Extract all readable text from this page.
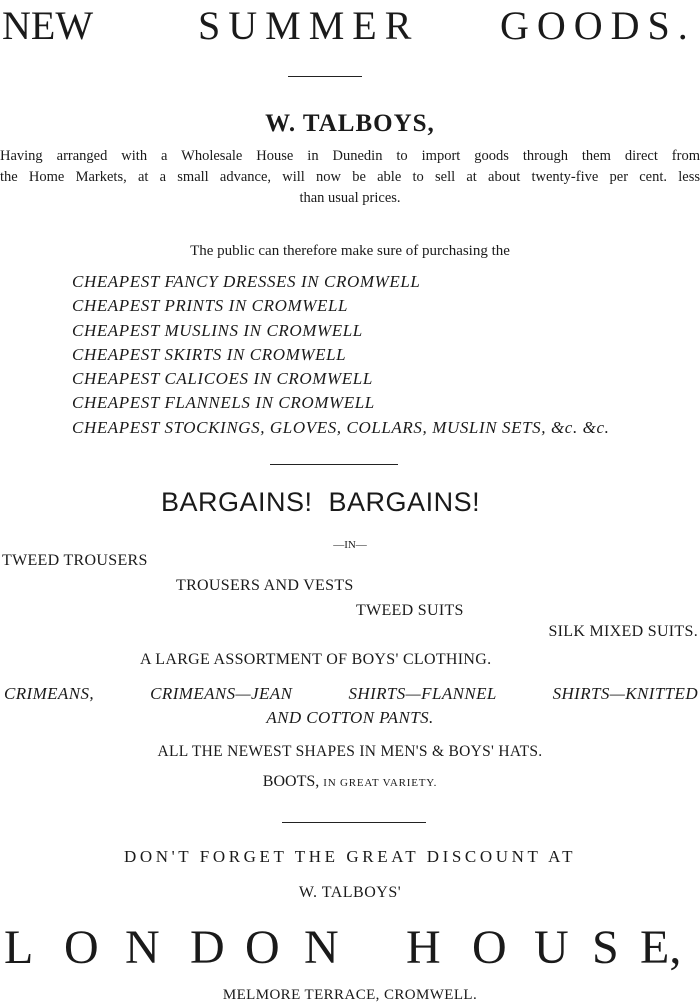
NEW	SUMMER GOODS.
W. TALBOYS,
Having arranged with a Wholesale House in Dunedin to import goods through them direct from
the Home Markets, at a small advance, will now be able to sell at about twenty-five per cent. less
than usual prices.
The public can therefore make sure of purchasing the
CHEAPEST FANCY DRESSES IN CROMWELL
CHEAPEST PRINTS IN CROMWELL
CHEAPEST MUSLINS IN CROMWELL
CHEAPEST SKIRTS IN CROMWELL
CHEAPEST CALICOES IN CROMWELL
CHEAPEST FLANNELS IN CROMWELL
CHEAPEST STOCKINGS, GLOVES, COLLARS, MUSLIN SETS, &c. &c.
BARGAINS!  BARGAINS!
—IN—
TWEED TROUSERS
TROUSERS AND VESTS
TWEED SUITS
SILK MIXED SUITS.
A LARGE ASSORTMENT OF BOYS' CLOTHING.
CRIMEANS, CRIMEANS—JEAN SHIRTS—FLANNEL SHIRTS—KNITTED
AND COTTON PANTS.
ALL THE NEWEST SHAPES IN MEN'S & BOYS' HATS.
BOOTS, IN GREAT VARIETY.
DON'T FORGET THE GREAT DISCOUNT AT
W. TALBOYS'
L O N D O N H O U S E,
MELMORE TERRACE, CROMWELL.
